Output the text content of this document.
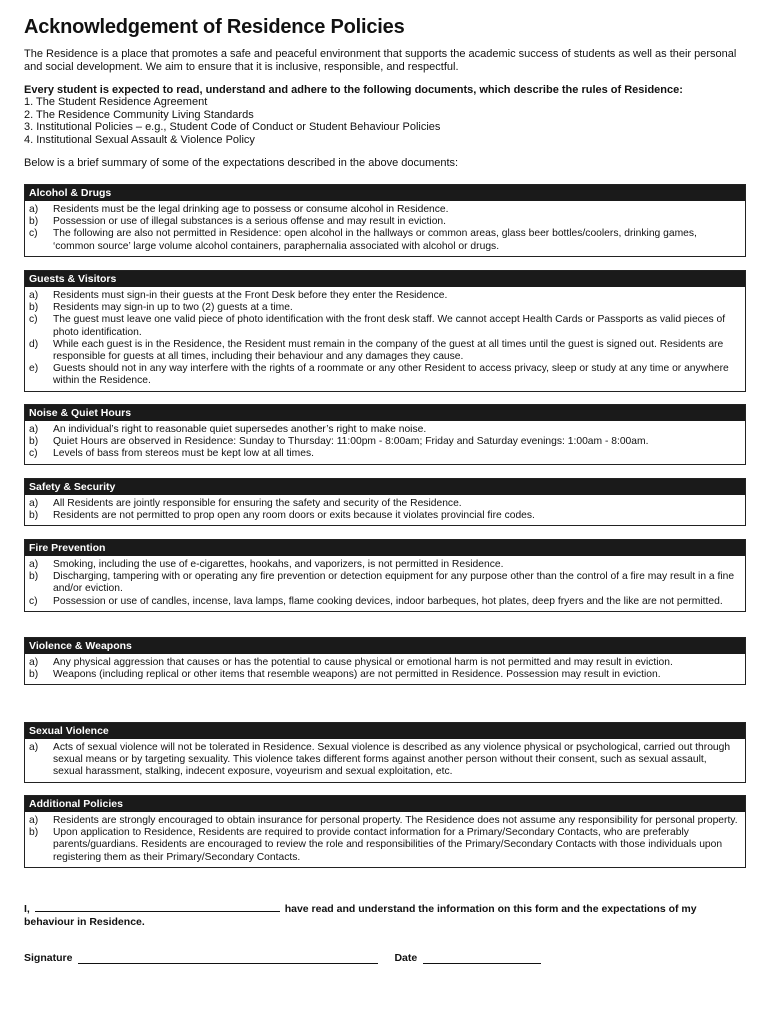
Acknowledgement of Residence Policies
The Residence is a place that promotes a safe and peaceful environment that supports the academic success of students as well as their personal and social development. We aim to ensure that it is inclusive, responsible, and respectful.
Every student is expected to read, understand and adhere to the following documents, which describe the rules of Residence:
1. The Student Residence Agreement
2. The Residence Community Living Standards
3. Institutional Policies – e.g., Student Code of Conduct or Student Behaviour Policies
4. Institutional Sexual Assault & Violence Policy
Below is a brief summary of some of the expectations described in the above documents:
Alcohol & Drugs
a)	Residents must be the legal drinking age to possess or consume alcohol in Residence.
b)	Possession or use of illegal substances is a serious offense and may result in eviction.
c)	The following are also not permitted in Residence: open alcohol in the hallways or common areas, glass beer bottles/coolers, drinking games, ‘common source’ large volume alcohol containers, paraphernalia associated with alcohol or drugs.
Guests & Visitors
a)	Residents must sign-in their guests at the Front Desk before they enter the Residence.
b)	Residents may sign-in up to two (2) guests at a time.
c)	The guest must leave one valid piece of photo identification with the front desk staff. We cannot accept Health Cards or Passports as valid pieces of photo identification.
d)	While each guest is in the Residence, the Resident must remain in the company of the guest at all times until the guest is signed out. Residents are responsible for guests at all times, including their behaviour and any damages they cause.
e)	Guests should not in any way interfere with the rights of a roommate or any other Resident to access privacy, sleep or study at any time or anywhere within the Residence.
Noise & Quiet Hours
a)	An individual’s right to reasonable quiet supersedes another’s right to make noise.
b)	Quiet Hours are observed in Residence: Sunday to Thursday: 11:00pm - 8:00am; Friday and Saturday evenings: 1:00am - 8:00am.
c)	Levels of bass from stereos must be kept low at all times.
Safety & Security
a)	All Residents are jointly responsible for ensuring the safety and security of the Residence.
b)	Residents are not permitted to prop open any room doors or exits because it violates provincial fire codes.
Fire Prevention
a)	Smoking, including the use of e-cigarettes, hookahs, and vaporizers, is not permitted in Residence.
b)	Discharging, tampering with or operating any fire prevention or detection equipment for any purpose other than the control of a fire may result in a fine and/or eviction.
c)	Possession or use of candles, incense, lava lamps, flame cooking devices, indoor barbeques, hot plates, deep fryers and the like are not permitted.
Violence & Weapons
a)	Any physical aggression that causes or has the potential to cause physical or emotional harm is not permitted and may result in eviction.
b)	Weapons (including replical or other items that resemble weapons) are not permitted in Residence. Possession may result in eviction.
Sexual Violence
a)	Acts of sexual violence will not be tolerated in Residence. Sexual violence is described as any violence physical or psychological, carried out through sexual means or by targeting sexuality. This violence takes different forms against another person without their consent, such as sexual assault, sexual harassment, stalking, indecent exposure, voyeurism and sexual exploitation, etc.
Additional Policies
a)	Residents are strongly encouraged to obtain insurance for personal property. The Residence does not assume any responsibility for personal property.
b)	Upon application to Residence, Residents are required to provide contact information for a Primary/Secondary Contacts, who are preferably parents/guardians. Residents are encouraged to review the role and responsibilities of the Primary/Secondary Contacts with those individuals upon registering them as their Primary/Secondary Contacts.
I,	have read and understand the information on this form and the expectations of my behaviour in Residence.
Signature	Date
